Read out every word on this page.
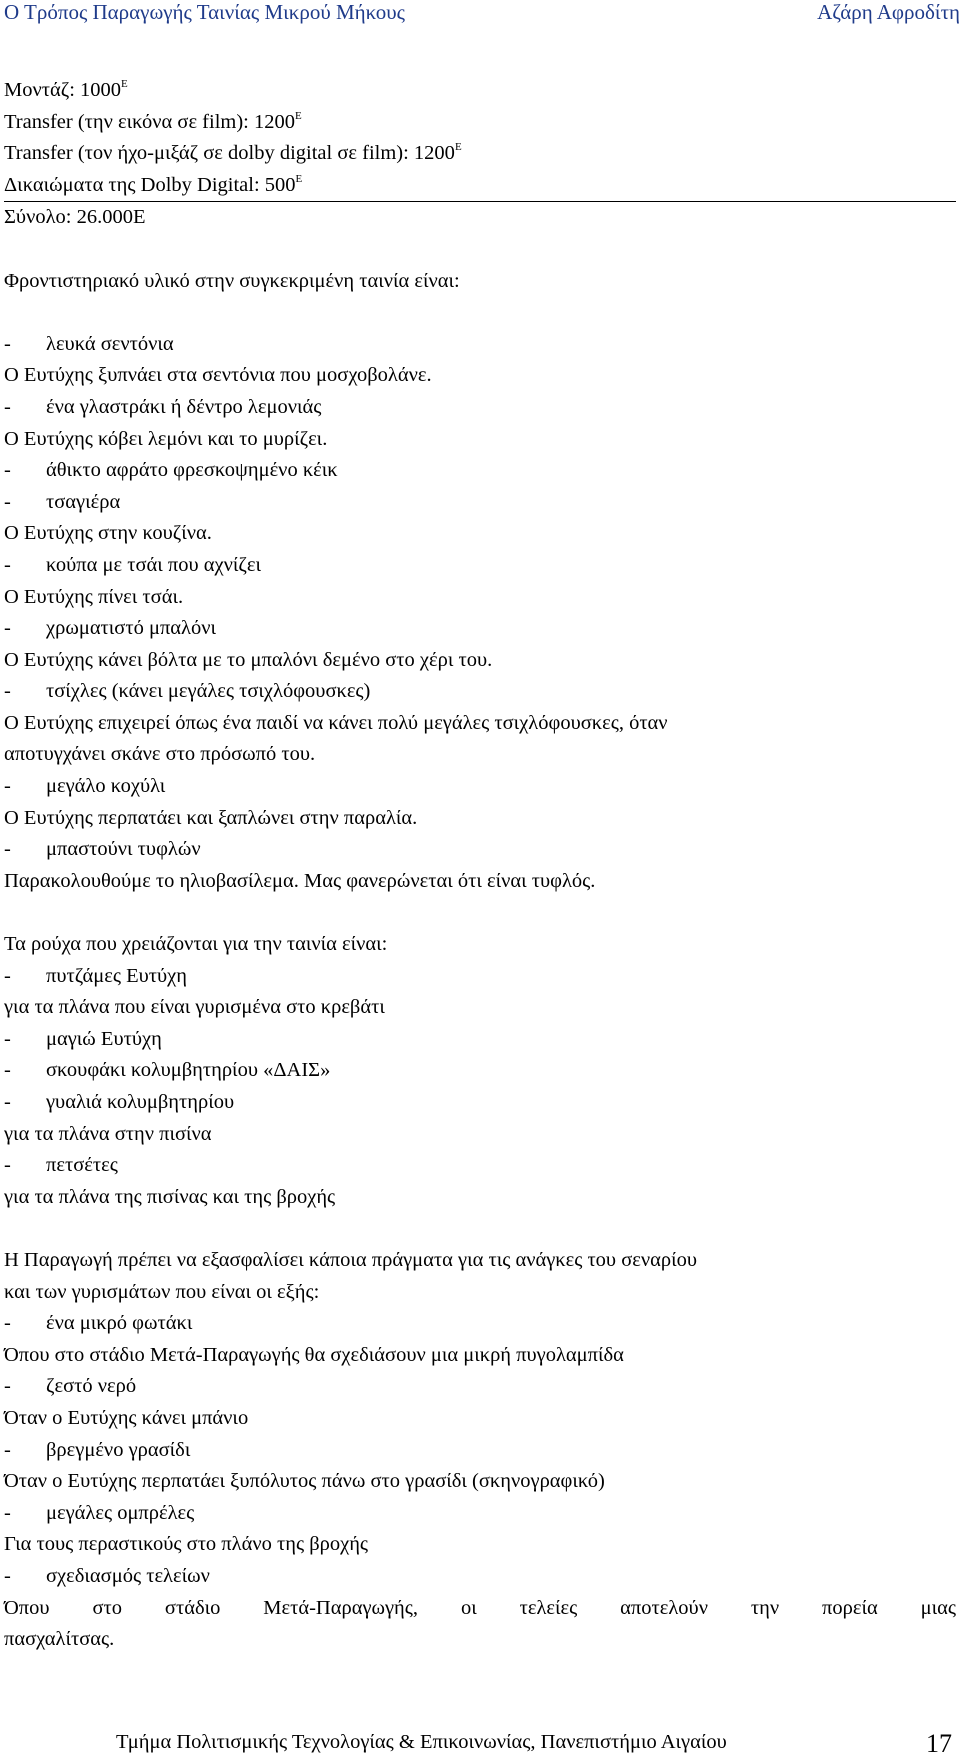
Ο Τρόπος Παραγωγής Ταινίας Μικρού Μήκους	Αζάρη Αφροδίτη
Μοντάζ: $1000^E$
Transfer (την εικόνα σε film): $1200^E$
Transfer (τον ήχο-μιξάζ σε dolby digital σε film): $1200^E$
Δικαιώματα της Dolby Digital: $500^E$
Σύνολο: 26.000Ε
Φροντιστηριακό υλικό στην συγκεκριμένη ταινία είναι:
- λευκά σεντόνια
Ο Ευτύχης ξυπνάει στα σεντόνια που μοσχοβολάνε.
- ένα γλαστράκι ή δέντρο λεμονιάς
Ο Ευτύχης κόβει λεμόνι και το μυρίζει.
- άθικτο αφράτο φρεσκοψημένο κέικ
- τσαγιέρα
Ο Ευτύχης στην κουζίνα.
- κούπα με τσάι που αχνίζει
Ο Ευτύχης πίνει τσάι.
- χρωματιστό μπαλόνι
Ο Ευτύχης κάνει βόλτα με το μπαλόνι δεμένο στο χέρι του.
- τσίχλες (κάνει μεγάλες τσιχλόφουσκες)
Ο Ευτύχης επιχειρεί όπως ένα παιδί να κάνει πολύ μεγάλες τσιχλόφουσκες, όταν
αποτυγχάνει σκάνε στο πρόσωπό του.
- μεγάλο κοχύλι
Ο Ευτύχης περπατάει και ξαπλώνει στην παραλία.
- μπαστούνι τυφλών
Παρακολουθούμε το ηλιοβασίλεμα. Μας φανερώνεται ότι είναι τυφλός.
Τα ρούχα που χρειάζονται για την ταινία είναι:
- πυτζάμες Ευτύχη
για τα πλάνα που είναι γυρισμένα στο κρεβάτι
- μαγιώ Ευτύχη
- σκουφάκι κολυμβητηρίου «ΔΑΙΣ»
- γυαλιά κολυμβητηρίου
για τα πλάνα στην πισίνα
- πετσέτες
για τα πλάνα της πισίνας και της βροχής
Η Παραγωγή πρέπει να εξασφαλίσει κάποια πράγματα για τις ανάγκες του σεναρίου
και των γυρισμάτων που είναι οι εξής:
- ένα μικρό φωτάκι
Όπου στο στάδιο Μετά-Παραγωγής θα σχεδιάσουν μια μικρή πυγολαμπίδα
- ζεστό νερό
Όταν ο Ευτύχης κάνει μπάνιο
- βρεγμένο γρασίδι
Όταν ο Ευτύχης περπατάει ξυπόλυτος πάνω στο γρασίδι (σκηνογραφικό)
- μεγάλες ομπρέλες
Για τους περαστικούς στο πλάνο της βροχής
- σχεδιασμός τελείων
Όπου στο στάδιο Μετά-Παραγωγής, οι τελείες αποτελούν την πορεία μιας
πασχαλίτσας.
Τμήμα Πολιτισμικής Τεχνολογίας & Επικοινωνίας, Πανεπιστήμιο Αιγαίου	17
